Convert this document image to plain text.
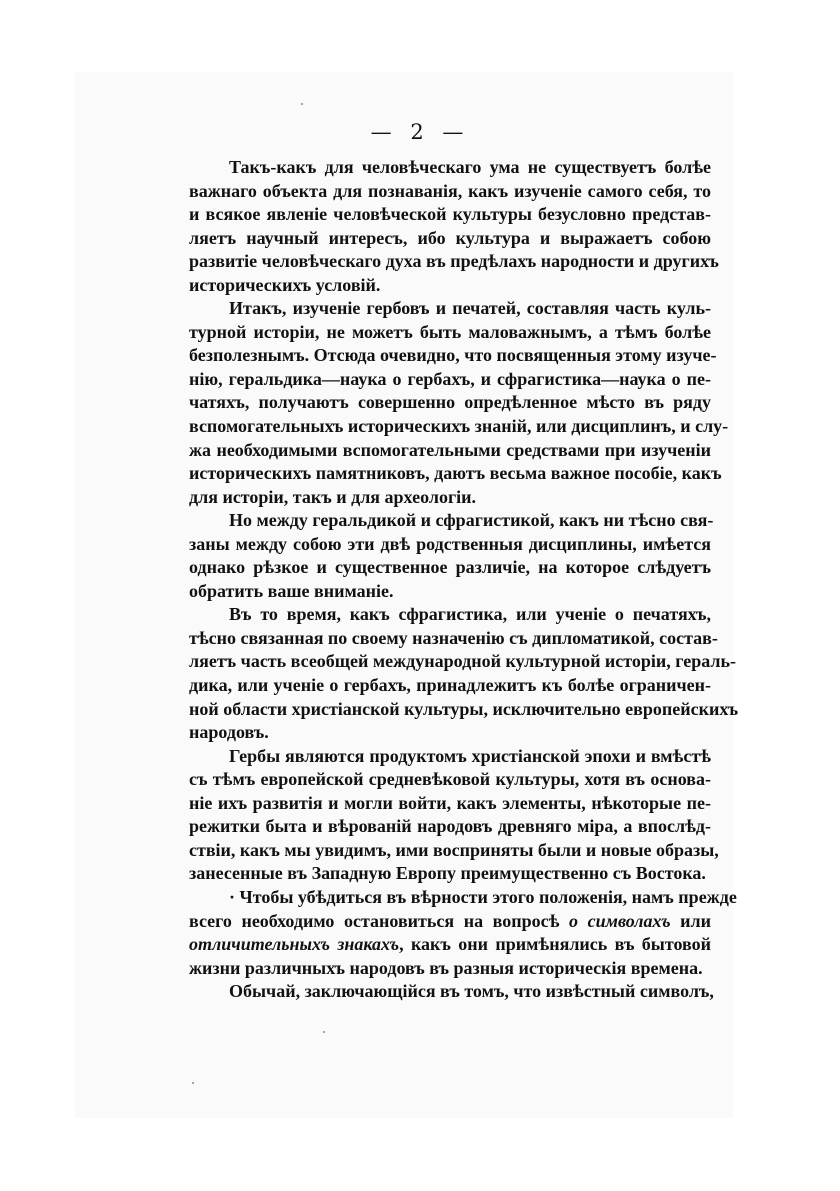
— 2 —
Такъ-какъ для человѣческаго ума не существуетъ болѣе
важнаго объекта для познаванія, какъ изученіе самого себя, то
и всякое явленіе человѣческой культуры безусловно представ-
ляетъ научный интересъ, ибо культура и выражаетъ собою
развитіе человѣческаго духа въ предѣлахъ народности и другихъ
историческихъ условій.
Итакъ, изученіе гербовъ и печатей, составляя часть куль-
турной исторіи, не можетъ быть маловажнымъ, а тѣмъ болѣе
безполезнымъ. Отсюда очевидно, что посвященныя этому изуче-
нію, геральдика—наука о гербахъ, и сфрагистика—наука о пе-
чатяхъ, получаютъ совершенно опредѣленное мѣсто въ ряду
вспомогательныхъ историческихъ знаній, или дисциплинъ, и слу-
жа необходимыми вспомогательными средствами при изученіи
историческихъ памятниковъ, даютъ весьма важное пособіе, какъ
для исторіи, такъ и для археологіи.
Но между геральдикой и сфрагистикой, какъ ни тѣсно свя-
заны между собою эти двѣ родственныя дисциплины, имѣется
однако рѣзкое и существенное различіе, на которое слѣдуетъ
обратить ваше вниманіе.
Въ то время, какъ сфрагистика, или ученіе о печатяхъ,
тѣсно связанная по своему назначенію съ дипломатикой, состав-
ляетъ часть всеобщей международной культурной исторіи, гераль-
дика, или ученіе о гербахъ, принадлежитъ къ болѣе ограничен-
ной области христіанской культуры, исключительно европейскихъ
народовъ.
Гербы являются продуктомъ христіанской эпохи и вмѣстѣ
съ тѣмъ европейской средневѣковой культуры, хотя въ основа-
ніе ихъ развитія и могли войти, какъ элементы, нѣкоторые пе-
режитки быта и вѣрованій народовъ древняго міра, а впослѣд-
ствіи, какъ мы увидимъ, ими восприняты были и новые образы,
занесенные въ Западную Европу преимущественно съ Востока.
· Чтобы убѣдиться въ вѣрности этого положенія, намъ прежде
всего необходимо остановиться на вопросѣ о символахъ или
отличительныхъ знакахъ, какъ они примѣнялись въ бытовой
жизни различныхъ народовъ въ разныя историческія времена.
Обычай, заключающійся въ томъ, что извѣстный символъ,
